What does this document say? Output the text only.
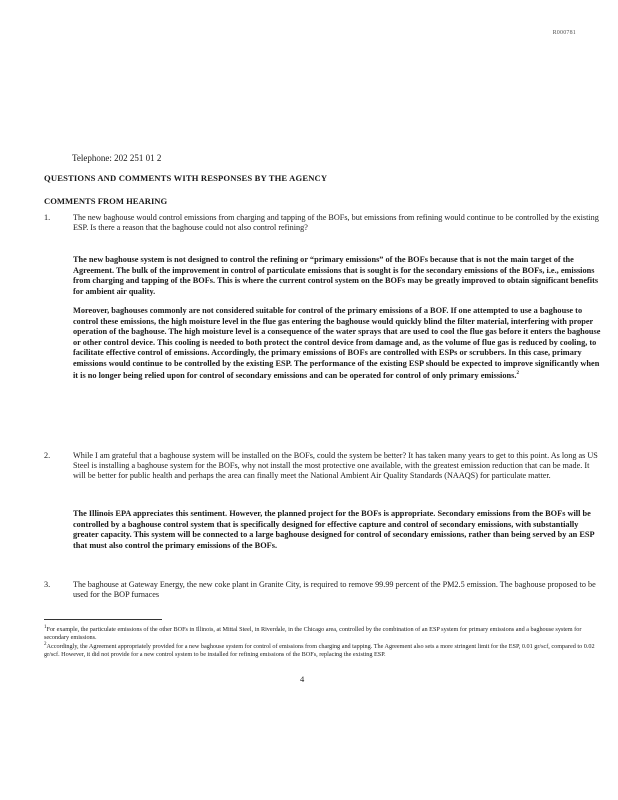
R000781
Telephone: 202 251 01 2
QUESTIONS AND COMMENTS WITH RESPONSES BY THE AGENCY
COMMENTS FROM HEARING
1.	The new baghouse would control emissions from charging and tapping of the BOFs, but emissions from refining would continue to be controlled by the existing ESP. Is there a reason that the baghouse could not also control refining?

The new baghouse system is not designed to control the refining or “primary emissions” of the BOFs because that is not the main target of the Agreement. The bulk of the improvement in control of particulate emissions that is sought is for the secondary emissions of the BOFs, i.e., emissions from charging and tapping of the BOFs. This is where the current control system on the BOFs may be greatly improved to obtain significant benefits for ambient air quality.

Moreover, baghouses commonly are not considered suitable for control of the primary emissions of a BOF. If one attempted to use a baghouse to control these emissions, the high moisture level in the flue gas entering the baghouse would quickly blind the filter material, interfering with proper operation of the baghouse. The high moisture level is a consequence of the water sprays that are used to cool the flue gas before it enters the baghouse or other control device. This cooling is needed to both protect the control device from damage and, as the volume of flue gas is reduced by cooling, to facilitate effective control of emissions. Accordingly, the primary emissions of BOFs are controlled with ESPs or scrubbers. In this case, primary emissions would continue to be controlled by the existing ESP. The performance of the existing ESP should be expected to improve significantly when it is no longer being relied upon for control of secondary emissions and can be operated for control of only primary emissions.$^2$

2.	While I am grateful that a baghouse system will be installed on the BOFs, could the system be better? It has taken many years to get to this point. As long as US Steel is installing a baghouse system for the BOFs, why not install the most protective one available, with the greatest emission reduction that can be made. It will be better for public health and perhaps the area can finally meet the National Ambient Air Quality Standards (NAAQS) for particulate matter.

The Illinois EPA appreciates this sentiment. However, the planned project for the BOFs is appropriate. Secondary emissions from the BOFs will be controlled by a baghouse control system that is specifically designed for effective capture and control of secondary emissions, with substantially greater capacity. This system will be connected to a large baghouse designed for control of secondary emissions, rather than being served by an ESP that must also control the primary emissions of the BOFs.

3.	The baghouse at Gateway Energy, the new coke plant in Granite City, is required to remove 99.99 percent of the PM2.5 emission. The baghouse proposed to be used for the BOP furnaces
$^1$For example, the particulate emissions of the other BOFs in Illinois, at Mittal Steel, in Riverdale, in the Chicago area, controlled by the combination of an ESP system for primary emissions and a baghouse system for secondary emissions.
$^2$Accordingly, the Agreement appropriately provided for a new baghouse system for control of emissions from charging and tapping. The Agreement also sets a more stringent limit for the ESP, 0.01 gr/scf, compared to 0.02 gr/scf. However, it did not provide for a new control system to be installed for refining emissions of the BOFs, replacing the existing ESP.
4
